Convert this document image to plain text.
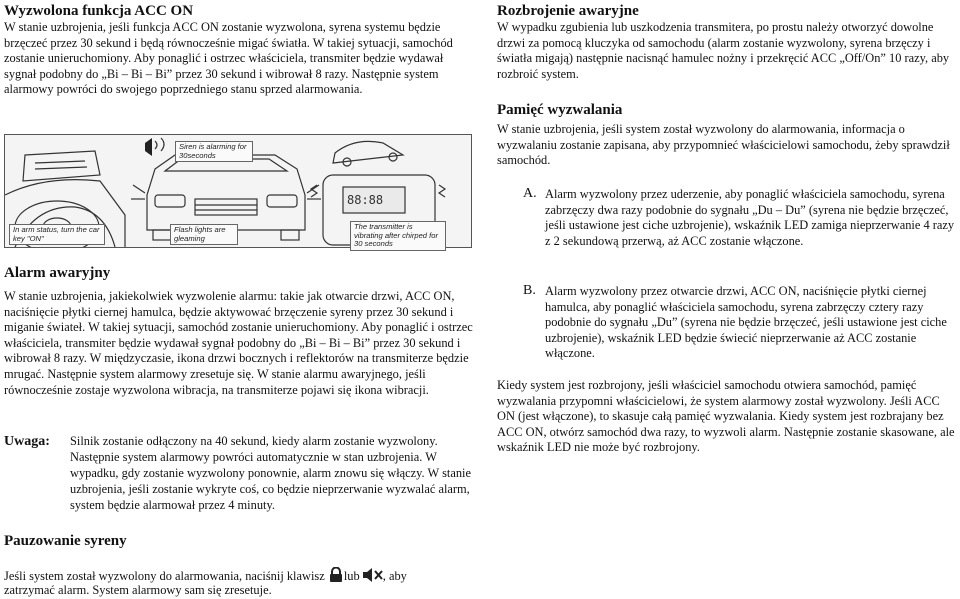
Wyzwolona funkcja ACC ON

W stanie uzbrojenia, jeśli funkcja ACC ON zostanie wyzwolona, syrena systemu będzie brzęczeć przez 30 sekund i będą równocześnie migać światła. W takiej sytuacji, samochód zostanie unieruchomiony. Aby ponaglić i ostrzec właściciela, transmiter będzie wydawał sygnał podobny do „Bi – Bi – Bi” przez 30 sekund i wibrował 8 razy. Następnie system alarmowy powróci do swojego poprzedniego stanu sprzed alarmowania.

Siren is alarming for 30seconds
In arm status, turn the car key "ON"
Flash lights are gleaming
The transmitter is vibrating after chirped for 30 seconds
88:88
Alarm awaryjny

W stanie uzbrojenia, jakiekolwiek wyzwolenie alarmu: takie jak otwarcie drzwi, ACC ON, naciśnięcie płytki ciernej hamulca, będzie aktywować brzęczenie syreny przez 30 sekund i miganie świateł. W takiej sytuacji, samochód zostanie unieruchomiony. Aby ponaglić i ostrzec właściciela, transmiter będzie wydawał sygnał podobny do „Bi – Bi – Bi” przez 30 sekund i wibrował 8 razy. W międzyczasie, ikona drzwi bocznych i reflektorów na transmiterze będzie mrugać. Następnie system alarmowy zresetuje się. W stanie alarmu awaryjnego, jeśli równocześnie zostaje wyzwolona wibracja, na transmiterze pojawi się ikona wibracji.

Uwaga: Silnik zostanie odłączony na 40 sekund, kiedy alarm zostanie wyzwolony. Następnie system alarmowy powróci automatycznie w stan uzbrojenia. W wypadku, gdy zostanie wyzwolony ponownie, alarm znowu się włączy. W stanie uzbrojenia, jeśli zostanie wykryte coś, co będzie nieprzerwanie wyzwalać alarm, system będzie alarmował przez 4 minuty.

Pauzowanie syreny

Jeśli system został wyzwolony do alarmowania, naciśnij klawisz lub , aby

zatrzymać alarm. System alarmowy sam się zresetuje.

Rozbrojenie awaryjne

W wypadku zgubienia lub uszkodzenia transmitera, po prostu należy otworzyć dowolne drzwi za pomocą kluczyka od samochodu (alarm zostanie wyzwolony, syrena brzęczy i światła migają) następnie nacisnąć hamulec nożny i przekręcić ACC „Off/On” 10 razy, aby rozbroić system.

Pamięć wyzwalania

W stanie uzbrojenia, jeśli system został wyzwolony do alarmowania, informacja o wyzwalaniu zostanie zapisana, aby przypomnieć właścicielowi samochodu, żeby sprawdził samochód.

A. Alarm wyzwolony przez uderzenie, aby ponaglić właściciela samochodu, syrena zabrzęczy dwa razy podobnie do sygnału „Du – Du” (syrena nie będzie brzęczeć, jeśli ustawione jest ciche uzbrojenie), wskaźnik LED zamiga nieprzerwanie 4 razy z 2 sekundową przerwą, aż ACC zostanie włączone.

B. Alarm wyzwolony przez otwarcie drzwi, ACC ON, naciśnięcie płytki ciernej hamulca, aby ponaglić właściciela samochodu, syrena zabrzęczy cztery razy podobnie do sygnału „Du” (syrena nie będzie brzęczeć, jeśli ustawione jest ciche uzbrojenie), wskaźnik LED będzie świecić nieprzerwanie aż ACC zostanie włączone.

Kiedy system jest rozbrojony, jeśli właściciel samochodu otwiera samochód, pamięć wyzwalania przypomni właścicielowi, że system alarmowy został wyzwolony. Jeśli ACC ON (jest włączone), to skasuje całą pamięć wyzwalania. Kiedy system jest rozbrajany bez ACC ON, otwórz samochód dwa razy, to wyzwoli alarm. Następnie zostanie skasowane, ale wskaźnik LED nie może być rozbrojony.
